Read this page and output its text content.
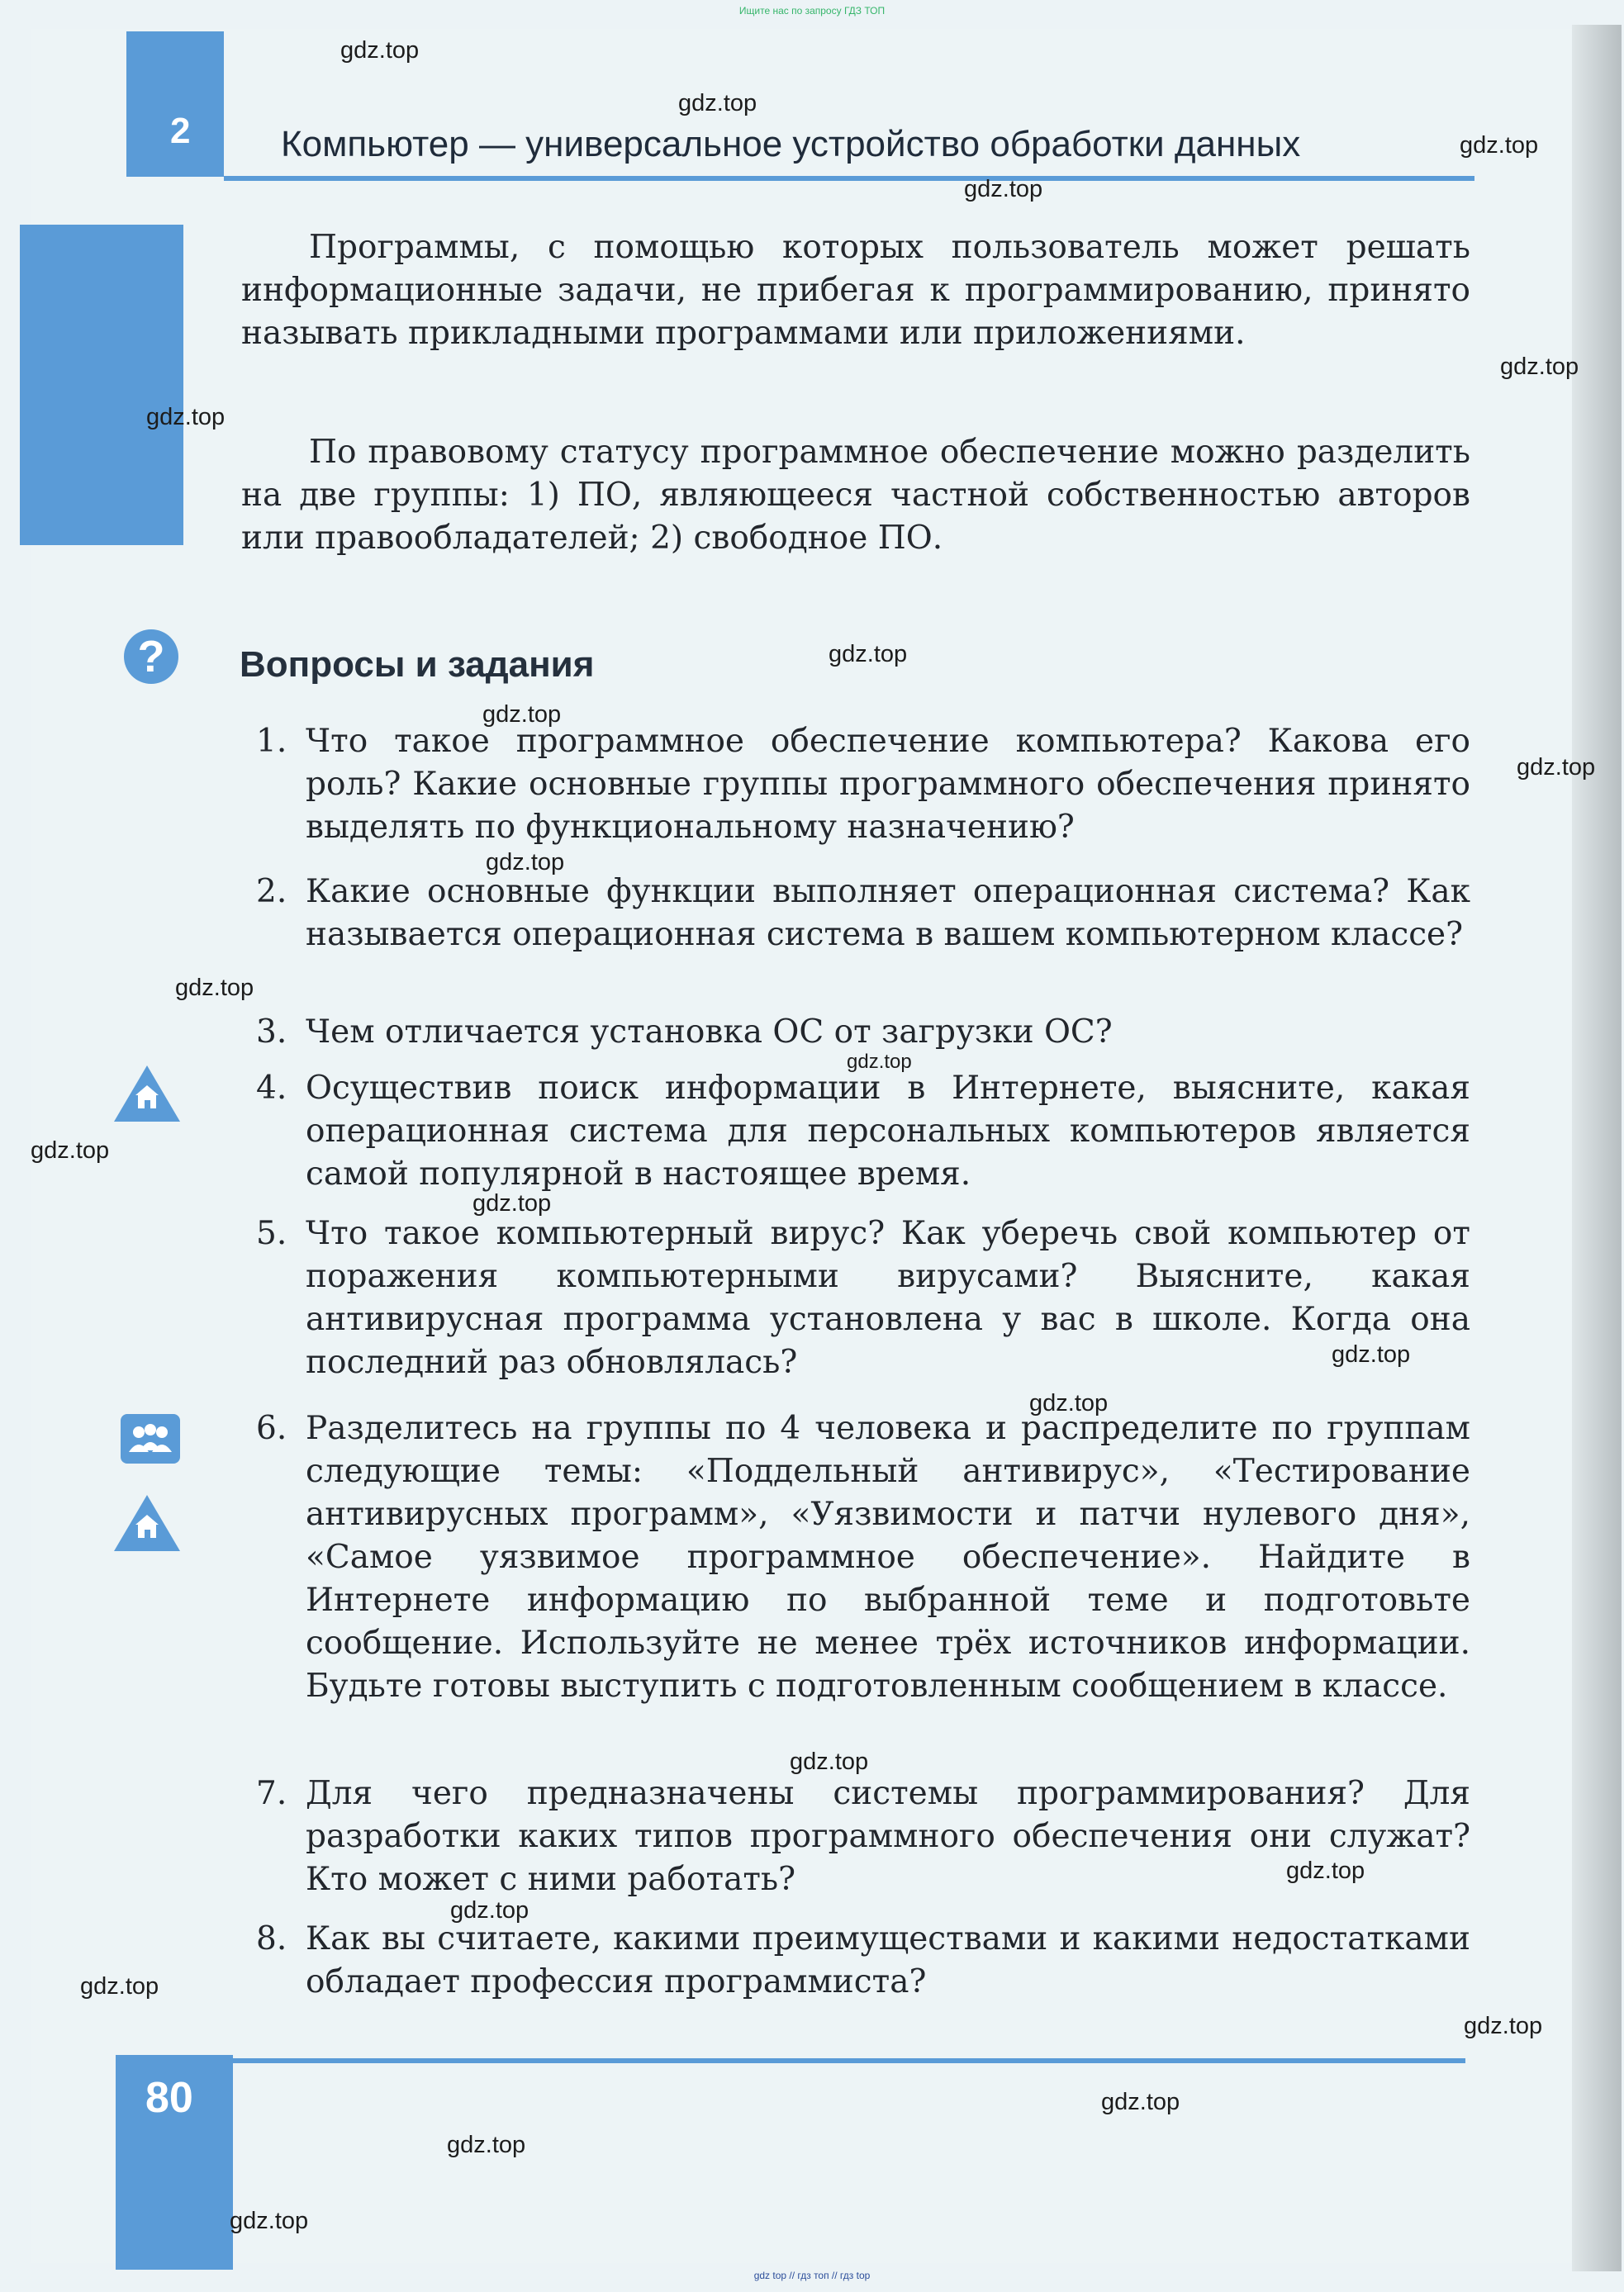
Ищите нас по запросу ГДЗ ТОП
2 Компьютер — универсальное устройство обработки данных
Программы, с помощью которых пользователь может решать информационные задачи, не прибегая к программированию, принято называть прикладными программами или приложениями.
По правовому статусу программное обеспечение можно разделить на две группы: 1) ПО, являющееся частной собственностью авторов или правообладателей; 2) свободное ПО.
?	Вопросы и задания
1. Что такое программное обеспечение компьютера? Какова его роль? Какие основные группы программного обеспечения принято выделять по функциональному назначению?
2. Какие основные функции выполняет операционная система? Как называется операционная система в вашем компьютерном классе?
3. Чем отличается установка ОС от загрузки ОС?
4. Осуществив поиск информации в Интернете, выясните, какая операционная система для персональных компьютеров является самой популярной в настоящее время.
5. Что такое компьютерный вирус? Как уберечь свой компьютер от поражения компьютерными вирусами? Выясните, какая антивирусная программа установлена у вас в школе. Когда она последний раз обновлялась?
6. Разделитесь на группы по 4 человека и распределите по группам следующие темы: «Поддельный антивирус», «Тестирование антивирусных программ», «Уязвимости и патчи нулевого дня», «Самое уязвимое программное обеспечение». Найдите в Интернете информацию по выбранной теме и подготовьте сообщение. Используйте не менее трёх источников информации. Будьте готовы выступить с подготовленным сообщением в классе.
7. Для чего предназначены системы программирования? Для разработки каких типов программного обеспечения они служат? Кто может с ними работать?
8. Как вы считаете, какими преимуществами и какими недостатками обладает профессия программиста?
80
gdz.top
gdz.top
gdz.top
gdz.top
gdz.top
gdz.top
gdz.top
gdz.top
gdz.top
gdz.top
gdz.top
gdz.top
gdz.top
gdz.top
gdz.top
gdz.top
gdz.top
gdz.top
gdz.top
gdz.top
gdz.top
gdz.top
gdz.top
gdz.top
gdz top // гдз топ // гдз top
